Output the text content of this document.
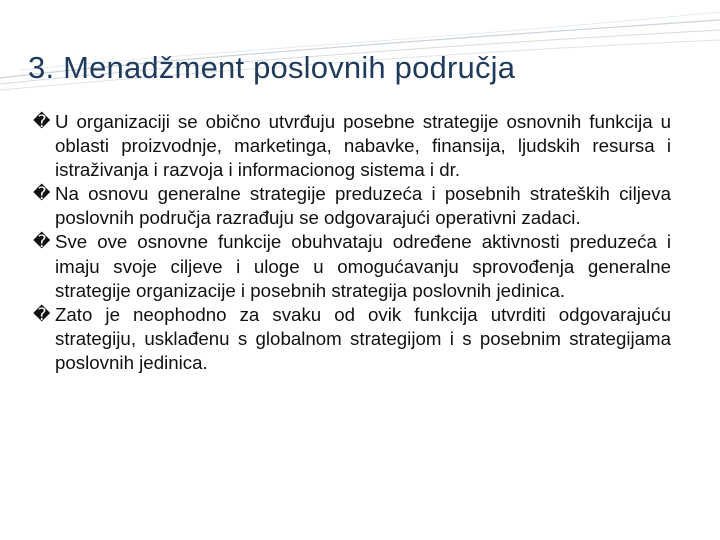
3. Menadžment poslovnih područja

� U organizaciji se obično utvrđuju posebne strategije osnovnih funkcija u oblasti proizvodnje, marketinga, nabavke, finansija, ljudskih resursa i istraživanja i razvoja i informacionog sistema i dr.

� Na osnovu generalne strategije preduzeća i posebnih strateških ciljeva poslovnih područja razrađuju se odgovarajući operativni zadaci.

� Sve ove osnovne funkcije obuhvataju određene aktivnosti preduzeća i imaju svoje ciljeve i uloge u omogućavanju sprovođenja generalne strategije organizacije i posebnih strategija poslovnih jedinica.

� Zato je neophodno za svaku od ovik funkcija utvrditi odgovarajuću strategiju, usklađenu s globalnom strategijom i s posebnim strategijama poslovnih jedinica.
